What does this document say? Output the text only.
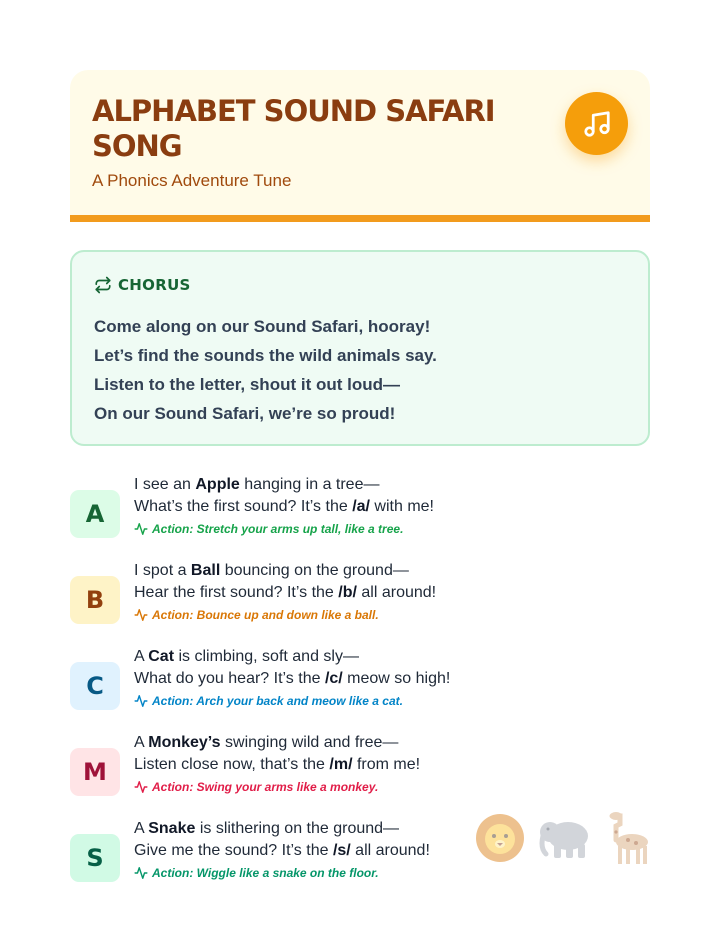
ALPHABET SOUND SAFARI SONG
A Phonics Adventure Tune
CHORUS
Come along on our Sound Safari, hooray!
Let’s find the sounds the wild animals say.
Listen to the letter, shout it out loud—
On our Sound Safari, we’re so proud!
A
I see an Apple hanging in a tree—
What’s the first sound? It’s the /a/ with me!
Action: Stretch your arms up tall, like a tree.
B
I spot a Ball bouncing on the ground—
Hear the first sound? It’s the /b/ all around!
Action: Bounce up and down like a ball.
C
A Cat is climbing, soft and sly—
What do you hear? It’s the /c/ meow so high!
Action: Arch your back and meow like a cat.
M
A Monkey’s swinging wild and free—
Listen close now, that’s the /m/ from me!
Action: Swing your arms like a monkey.
S
A Snake is slithering on the ground—
Give me the sound? It’s the /s/ all around!
Action: Wiggle like a snake on the floor.
